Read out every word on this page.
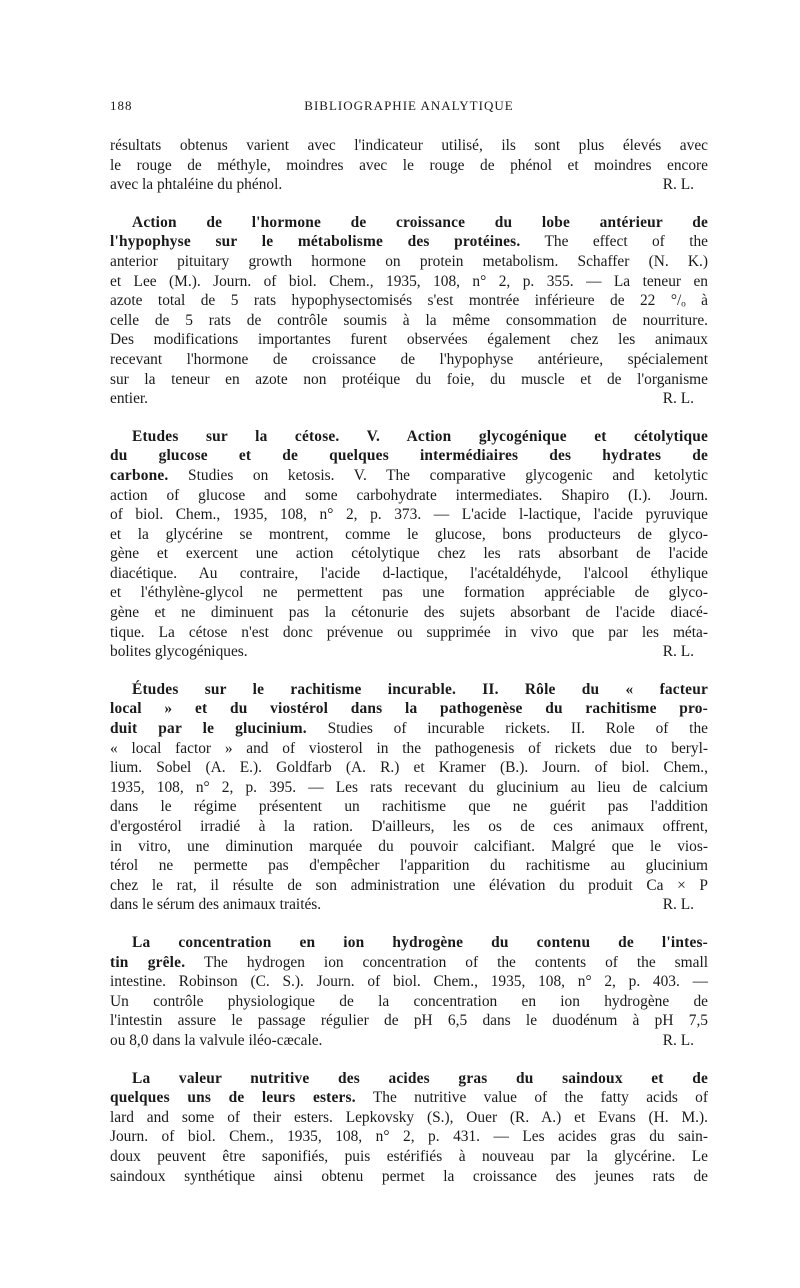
188	BIBLIOGRAPHIE ANALYTIQUE

résultats obtenus varient avec l'indicateur utilisé, ils sont plus élevés avec

le rouge de méthyle, moindres avec le rouge de phénol et moindres encore

avec la phtaléine du phénol.	R. L.

Action de l'hormone de croissance du lobe antérieur de

l'hypophyse sur le métabolisme des protéines. The effect of the

anterior pituitary growth hormone on protein metabolism. Schaffer (N. K.)

et Lee (M.). Journ. of biol. Chem., 1935, 108, n° 2, p. 355. — La teneur en

azote total de 5 rats hypophysectomisés s'est montrée inférieure de 22 °/ₒ à

celle de 5 rats de contrôle soumis à la même consommation de nourriture.

Des modifications importantes furent observées également chez les animaux

recevant l'hormone de croissance de l'hypophyse antérieure, spécialement

sur la teneur en azote non protéique du foie, du muscle et de l'organisme

entier.	R. L.

Etudes sur la cétose. V. Action glycogénique et cétolytique

du glucose et de quelques intermédiaires des hydrates de

carbone. Studies on ketosis. V. The comparative glycogenic and ketolytic

action of glucose and some carbohydrate intermediates. Shapiro (I.). Journ.

of biol. Chem., 1935, 108, n° 2, p. 373. — L'acide l-lactique, l'acide pyruvique

et la glycérine se montrent, comme le glucose, bons producteurs de glyco-

gène et exercent une action cétolytique chez les rats absorbant de l'acide

diacétique. Au contraire, l'acide d-lactique, l'acétaldéhyde, l'alcool éthylique

et l'éthylène-glycol ne permettent pas une formation appréciable de glyco-

gène et ne diminuent pas la cétonurie des sujets absorbant de l'acide diacé-

tique. La cétose n'est donc prévenue ou supprimée in vivo que par les méta-

bolites glycogéniques.	R. L.

Études sur le rachitisme incurable. II. Rôle du « facteur

local » et du viostérol dans la pathogenèse du rachitisme pro-

duit par le glucinium. Studies of incurable rickets. II. Role of the

« local factor » and of viosterol in the pathogenesis of rickets due to beryl-

lium. Sobel (A. E.). Goldfarb (A. R.) et Kramer (B.). Journ. of biol. Chem.,

1935, 108, n° 2, p. 395. — Les rats recevant du glucinium au lieu de calcium

dans le régime présentent un rachitisme que ne guérit pas l'addition

d'ergostérol irradié à la ration. D'ailleurs, les os de ces animaux offrent,

in vitro, une diminution marquée du pouvoir calcifiant. Malgré que le vios-

térol ne permette pas d'empêcher l'apparition du rachitisme au glucinium

chez le rat, il résulte de son administration une élévation du produit Ca × P

dans le sérum des animaux traités.	R. L.

La concentration en ion hydrogène du contenu de l'intes-

tin grêle. The hydrogen ion concentration of the contents of the small

intestine. Robinson (C. S.). Journ. of biol. Chem., 1935, 108, n° 2, p. 403. —

Un contrôle physiologique de la concentration en ion hydrogène de

l'intestin assure le passage régulier de pH 6,5 dans le duodénum à pH 7,5

ou 8,0 dans la valvule iléo-cæcale.	R. L.

La valeur nutritive des acides gras du saindoux et de

quelques uns de leurs esters. The nutritive value of the fatty acids of

lard and some of their esters. Lepkovsky (S.), Ouer (R. A.) et Evans (H. M.).

Journ. of biol. Chem., 1935, 108, n° 2, p. 431. — Les acides gras du sain-

doux peuvent être saponifiés, puis estérifiés à nouveau par la glycérine. Le

saindoux synthétique ainsi obtenu permet la croissance des jeunes rats de
